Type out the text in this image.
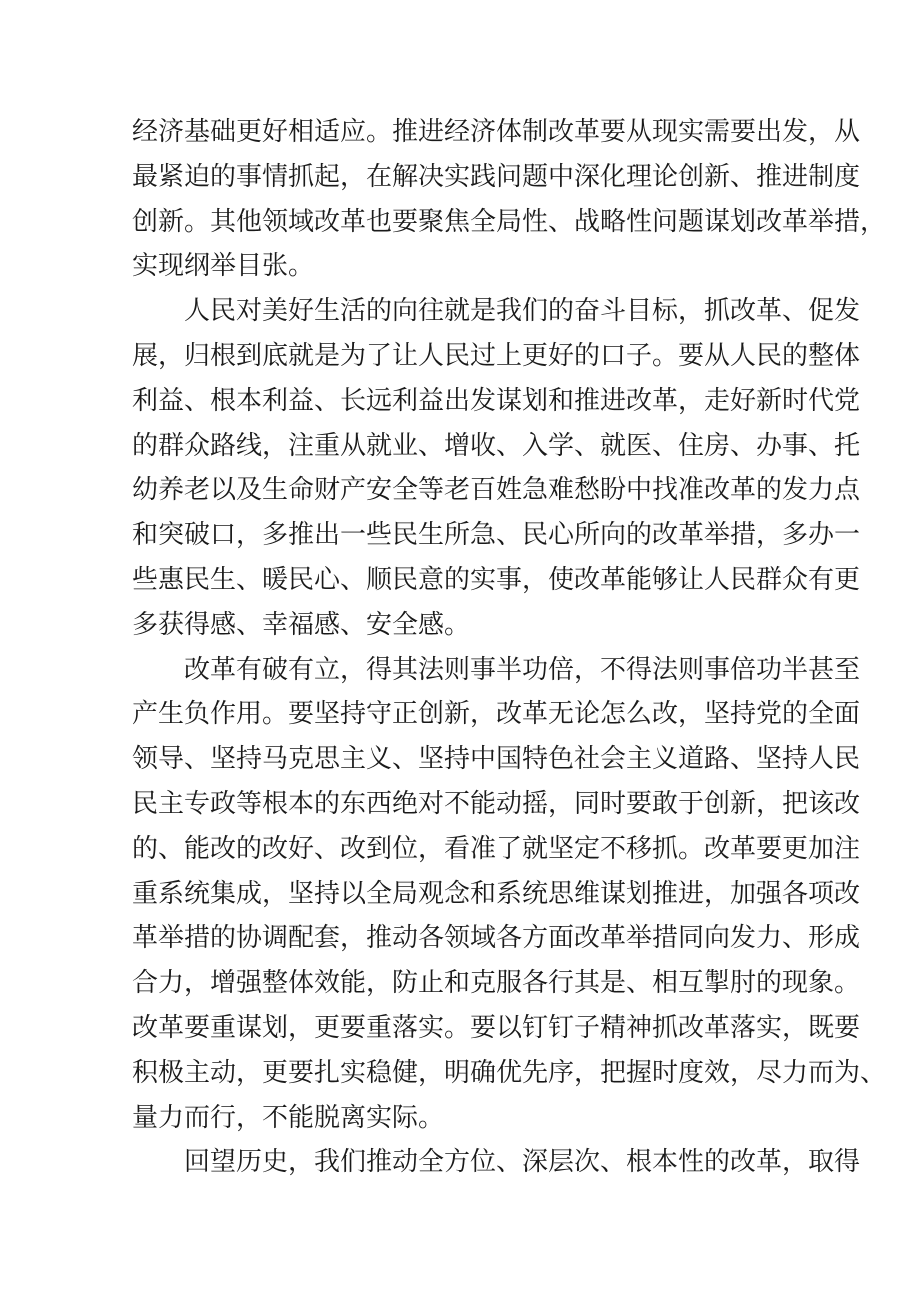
经济基础更好相适应。推进经济体制改革要从现实需要出发，从
最紧迫的事情抓起，在解决实践问题中深化理论创新、推进制度
创新。其他领域改革也要聚焦全局性、战略性问题谋划改革举措，
实现纲举目张。
人民对美好生活的向往就是我们的奋斗目标，抓改革、促发
展，归根到底就是为了让人民过上更好的口子。要从人民的整体
利益、根本利益、长远利益出发谋划和推进改革，走好新时代党
的群众路线，注重从就业、增收、入学、就医、住房、办事、托
幼养老以及生命财产安全等老百姓急难愁盼中找准改革的发力点
和突破口，多推出一些民生所急、民心所向的改革举措，多办一
些惠民生、暖民心、顺民意的实事，使改革能够让人民群众有更
多获得感、幸福感、安全感。
改革有破有立，得其法则事半功倍，不得法则事倍功半甚至
产生负作用。要坚持守正创新，改革无论怎么改，坚持党的全面
领导、坚持马克思主义、坚持中国特色社会主义道路、坚持人民
民主专政等根本的东西绝对不能动摇，同时要敢于创新，把该改
的、能改的改好、改到位，看准了就坚定不移抓。改革要更加注
重系统集成，坚持以全局观念和系统思维谋划推进，加强各项改
革举措的协调配套，推动各领域各方面改革举措同向发力、形成
合力，增强整体效能，防止和克服各行其是、相互掣肘的现象。
改革要重谋划，更要重落实。要以钉钉子精神抓改革落实，既要
积极主动，更要扎实稳健，明确优先序，把握时度效，尽力而为、
量力而行，不能脱离实际。
回望历史，我们推动全方位、深层次、根本性的改革，取得
